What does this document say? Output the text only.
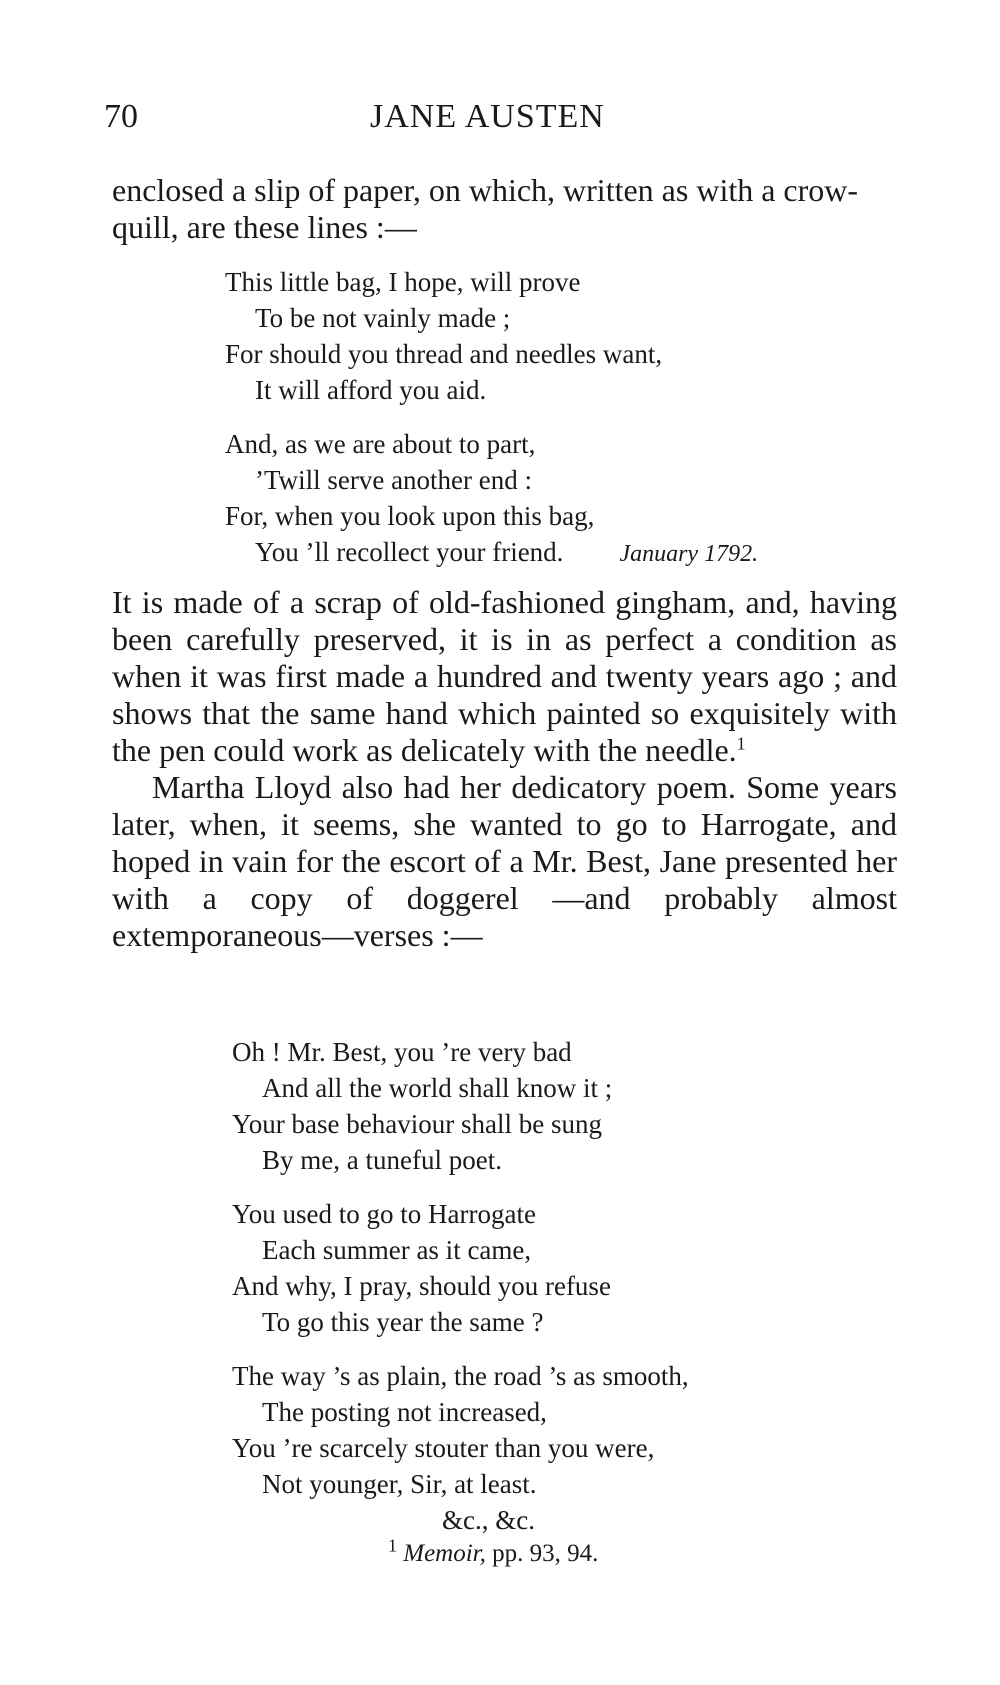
70	JANE AUSTEN

enclosed a slip of paper, on which, written as with a crow-quill, are these lines :—

This little bag, I hope, will prove
To be not vainly made ;
For should you thread and needles want,
It will afford you aid.
And, as we are about to part,
’Twill serve another end :
For, when you look upon this bag,
You ’ll recollect your friend. January 1792.

It is made of a scrap of old-fashioned gingham, and, having been carefully preserved, it is in as perfect a condition as when it was first made a hundred and twenty years ago ; and shows that the same hand which painted so exquisitely with the pen could work as delicately with the needle.$^1$

Martha Lloyd also had her dedicatory poem. Some years later, when, it seems, she wanted to go to Harrogate, and hoped in vain for the escort of a Mr. Best, Jane presented her with a copy of doggerel —and probably almost extemporaneous—verses :—

Oh ! Mr. Best, you ’re very bad
And all the world shall know it ;
Your base behaviour shall be sung
By me, a tuneful poet.
You used to go to Harrogate
Each summer as it came,
And why, I pray, should you refuse
To go this year the same ?
The way ’s as plain, the road ’s as smooth,
The posting not increased,
You ’re scarcely stouter than you were,
Not younger, Sir, at least.
&c., &c.
$^1$ Memoir, pp. 93, 94.
